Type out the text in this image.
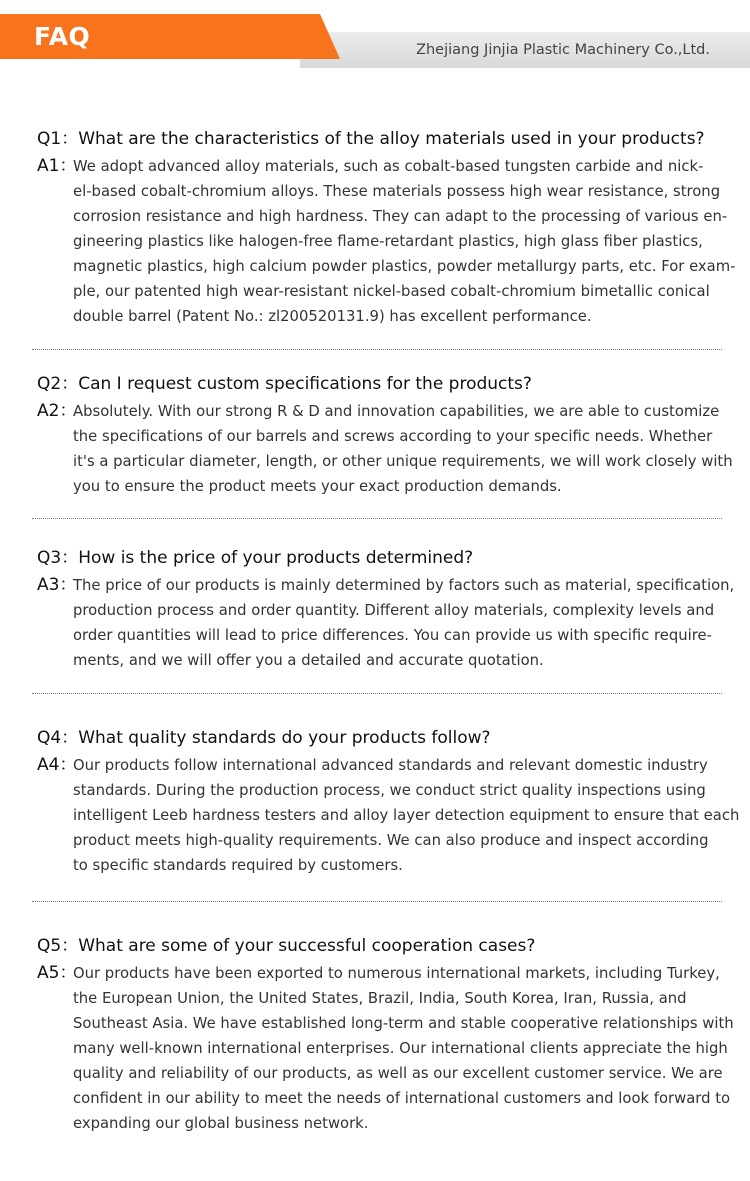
FAQ	Zhejiang Jinjia Plastic Machinery Co.,Ltd.
Q1： What are the characteristics of the alloy materials used in your products?
A1：
We adopt advanced alloy materials, such as cobalt-based tungsten carbide and nick-
el-based cobalt-chromium alloys. These materials possess high wear resistance, strong
corrosion resistance and high hardness. They can adapt to the processing of various en-
gineering plastics like halogen-free flame-retardant plastics, high glass fiber plastics,
magnetic plastics, high calcium powder plastics, powder metallurgy parts, etc. For exam-
ple, our patented high wear-resistant nickel-based cobalt-chromium bimetallic conical
double barrel (Patent No.: zl200520131.9) has excellent performance.
Q2： Can I request custom specifications for the products?
A2：
Absolutely. With our strong R & D and innovation capabilities, we are able to customize
the specifications of our barrels and screws according to your specific needs. Whether
it's a particular diameter, length, or other unique requirements, we will work closely with
you to ensure the product meets your exact production demands.
Q3： How is the price of your products determined?
A3：
The price of our products is mainly determined by factors such as material, specification,
production process and order quantity. Different alloy materials, complexity levels and
order quantities will lead to price differences. You can provide us with specific require-
ments, and we will offer you a detailed and accurate quotation.
Q4： What quality standards do your products follow?
A4：
Our products follow international advanced standards and relevant domestic industry
standards. During the production process, we conduct strict quality inspections using
intelligent Leeb hardness testers and alloy layer detection equipment to ensure that each
product meets high-quality requirements. We can also produce and inspect according
to specific standards required by customers.
Q5： What are some of your successful cooperation cases?
A5：
Our products have been exported to numerous international markets, including Turkey,
the European Union, the United States, Brazil, India, South Korea, Iran, Russia, and
Southeast Asia. We have established long-term and stable cooperative relationships with
many well-known international enterprises. Our international clients appreciate the high
quality and reliability of our products, as well as our excellent customer service. We are
confident in our ability to meet the needs of international customers and look forward to
expanding our global business network.
